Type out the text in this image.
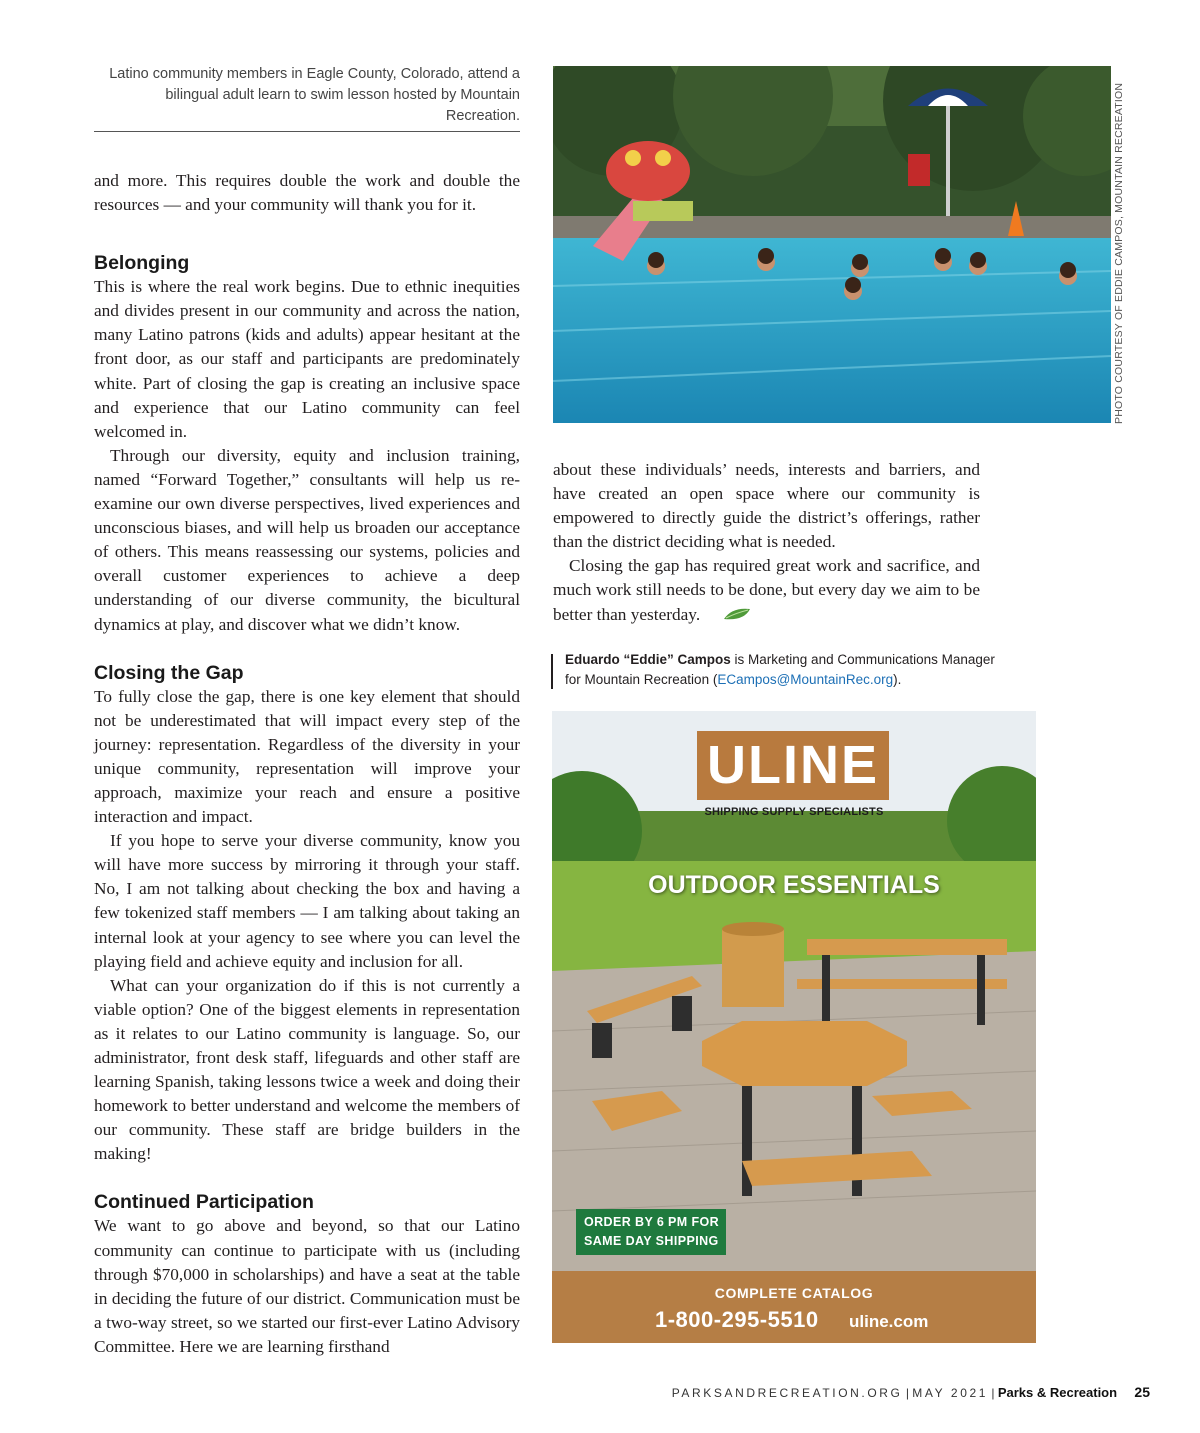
Latino community members in Eagle County, Colorado, attend a bilingual adult learn to swim lesson hosted by Mountain Recreation.

and more. This requires double the work and double the resources — and your community will thank you for it.

Belonging

This is where the real work begins. Due to ethnic inequities and divides present in our community and across the nation, many Latino patrons (kids and adults) appear hesitant at the front door, as our staff and participants are predominately white. Part of closing the gap is creating an inclusive space and experience that our Latino community can feel welcomed in.

Through our diversity, equity and inclusion training, named “Forward Together,” consultants will help us re-examine our own diverse perspectives, lived experiences and unconscious biases, and will help us broaden our acceptance of others. This means reassessing our systems, policies and overall customer experiences to achieve a deep understanding of our diverse community, the bicultural dynamics at play, and discover what we didn’t know.

Closing the Gap

To fully close the gap, there is one key element that should not be underestimated that will impact every step of the journey: representation. Regardless of the diversity in your unique community, representation will improve your approach, maximize your reach and ensure a positive interaction and impact.

If you hope to serve your diverse community, know you will have more success by mirroring it through your staff. No, I am not talking about checking the box and having a few tokenized staff members — I am talking about taking an internal look at your agency to see where you can level the playing field and achieve equity and inclusion for all.

What can your organization do if this is not currently a viable option? One of the biggest elements in representation as it relates to our Latino community is language. So, our administrator, front desk staff, lifeguards and other staff are learning Spanish, taking lessons twice a week and doing their homework to better understand and welcome the members of our community. These staff are bridge builders in the making!

Continued Participation

We want to go above and beyond, so that our Latino community can continue to participate with us (including through $70,000 in scholarships) and have a seat at the table in deciding the future of our district. Communication must be a two-way street, so we started our first-ever Latino Advisory Committee. Here we are learning firsthand

PHOTO COURTESY OF EDDIE CAMPOS, MOUNTAIN RECREATION

about these individuals’ needs, interests and barriers, and have created an open space where our community is empowered to directly guide the district’s offerings, rather than the district deciding what is needed.

Closing the gap has required great work and sacrifice, and much work still needs to be done, but every day we aim to be better than yesterday.

Eduardo “Eddie” Campos is Marketing and Communications Manager for Mountain Recreation (ECampos@MountainRec.org).
ULINE
SHIPPING SUPPLY SPECIALISTS
OUTDOOR ESSENTIALS
ORDER BY 6 PM FOR
SAME DAY SHIPPING
COMPLETE CATALOG
1-800-295-5510 uline.com
PARKSANDRECREATION.ORG | MAY 2021 | Parks & Recreation 25
